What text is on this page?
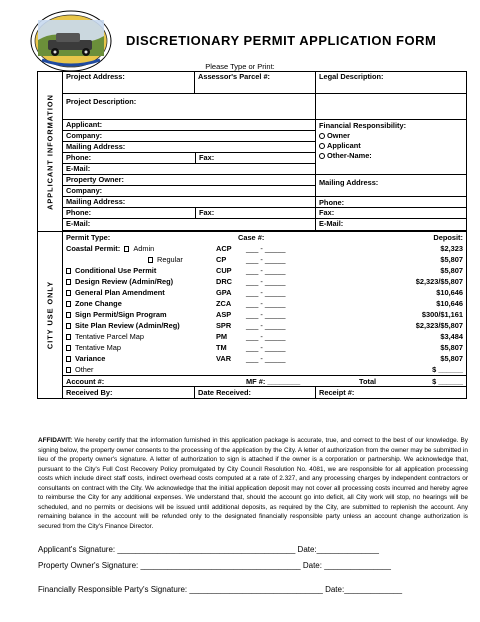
DISCRETIONARY PERMIT APPLICATION FORM
Please Type or Print:
APPLICANT INFORMATION
Project Address:	Assessor's Parcel #:	Legal Description:
Project Description:
Applicant:
Company:
Mailing Address:
Phone:	Fax:
E-Mail:
Property Owner:
Company:
Mailing Address:
Phone:	Fax:
E-Mail:
Financial Responsibility:
Owner
Applicant
Other-Name:
Mailing Address:
Phone:
Fax:
E-Mail:
CITY USE ONLY
Permit Type:	Case #:	Deposit:
Coastal Permit: Admin	ACP ___ - _____	$2,323
Regular	CP	___ - _____	$5,807
Conditional Use Permit	CUP ___ - _____	$5,807
Design Review (Admin/Reg)	DRC ___ - _____	$2,323/$5,807
General Plan Amendment	GPA ___ - _____	$10,646
Zone Change	ZCA ___ - _____	$10,646
Sign Permit/Sign Program	ASP ___ - _____	$300/$1,161
Site Plan Review (Admin/Reg)	SPR ___ - _____	$2,323/$5,807
Tentative Parcel Map	PM	___ - _____	$3,484
Tentative Map	TM	___ - _____	$5,807
Variance	VAR ___ - _____	$5,807
Other	$ ______
Account #:	MF #: ________	Total	$ ______
Received By:	Date Received:	Receipt #:
AFFIDAVIT: We hereby certify that the information furnished in this application package is accurate, true, and correct to the best of our knowledge. By signing below, the property owner consents to the processing of the application by the City. A letter of authorization from the owner may be submitted in lieu of the property owner's signature. A letter of authorization to sign is attached if the owner is a corporation or partnership. We acknowledge that, pursuant to the City's Full Cost Recovery Policy promulgated by City Council Resolution No. 4081, we are responsible for all application processing costs which include direct staff costs, indirect overhead costs computed at a rate of 2.327, and any processing charges by independent contractors or consultants on contract with the City. We acknowledge that the initial application deposit may not cover all processing costs incurred and hereby agree to reimburse the City for any additional expenses. We understand that, should the account go into deficit, all City work will stop, no hearings will be scheduled, and no permits or decisions will be issued until additional deposits, as required by the City, are submitted to replenish the account. Any remaining balance in the account will be refunded only to the designated financially responsible party unless an account change authorization is secured from the City's Finance Director.
Applicant's Signature: ________________________________________ Date:______________
Property Owner's Signature: ____________________________________ Date: _______________
Financially Responsible Party's Signature: ______________________________ Date:_____________
